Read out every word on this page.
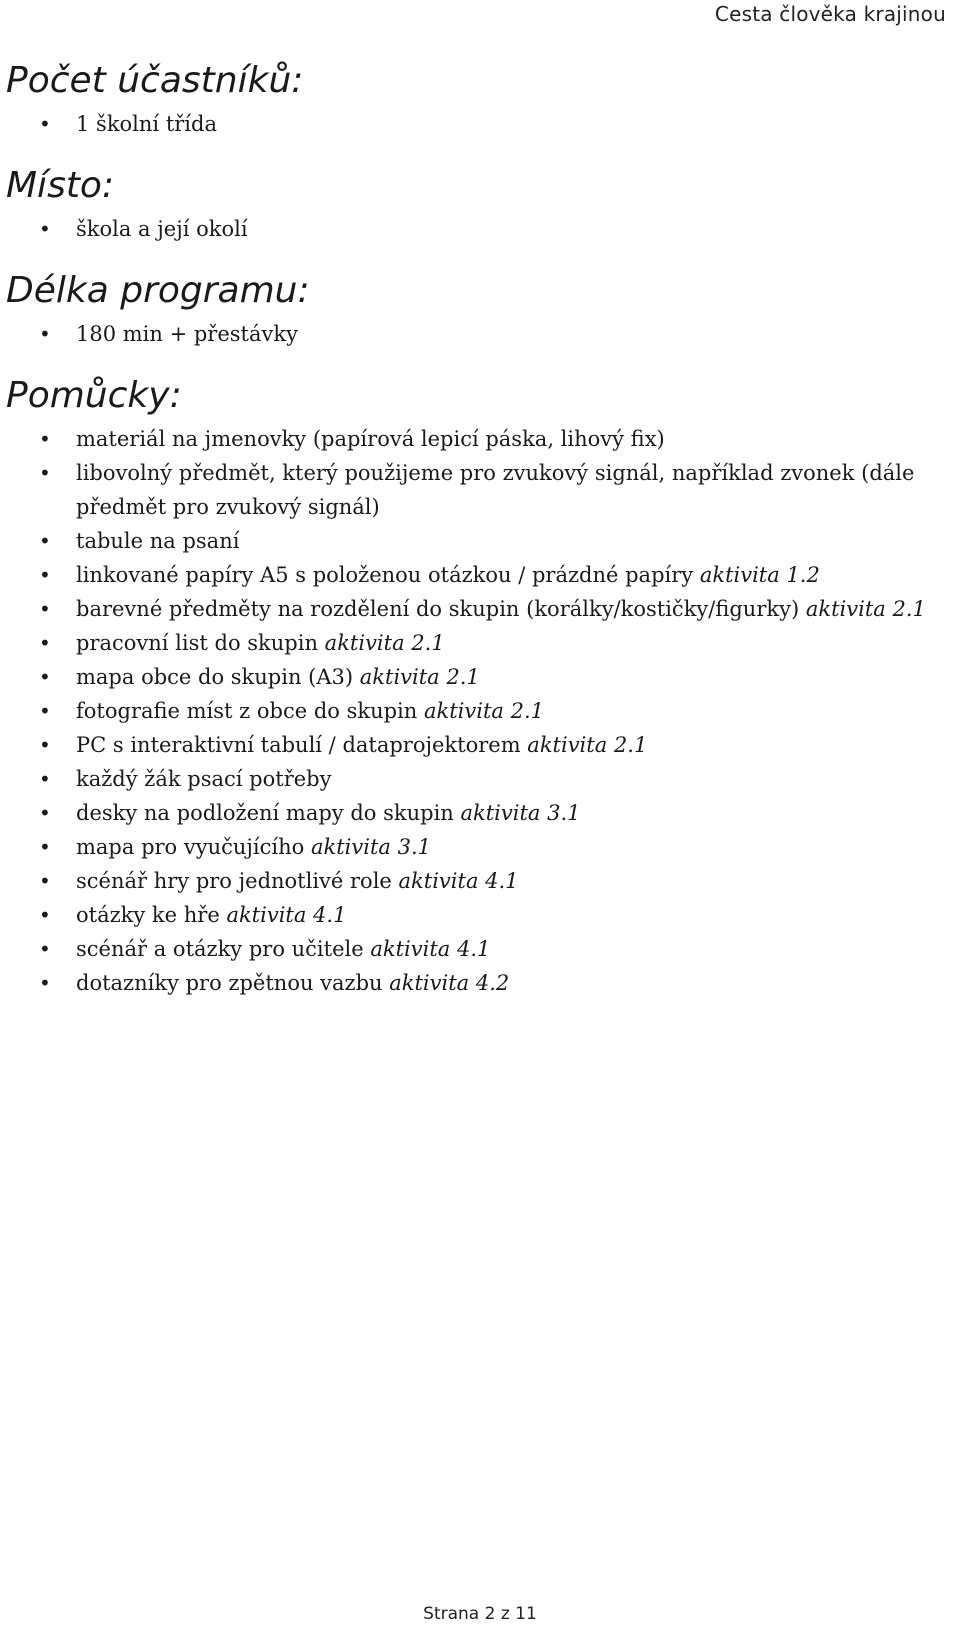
Cesta člověka krajinou
Počet účastníků:
• 1 školní třída
Místo:
• škola a její okolí
Délka programu:
• 180 min + přestávky
Pomůcky:
• materiál na jmenovky (papírová lepicí páska, lihový fix)
• libovolný předmět, který použijeme pro zvukový signál, například zvonek (dále předmět pro zvukový signál)
• tabule na psaní
• linkované papíry A5 s položenou otázkou / prázdné papíry aktivita 1.2
• barevné předměty na rozdělení do skupin (korálky/kostičky/figurky) aktivita 2.1
• pracovní list do skupin aktivita 2.1
• mapa obce do skupin (A3) aktivita 2.1
• fotografie míst z obce do skupin aktivita 2.1
• PC s interaktivní tabulí / dataprojektorem aktivita 2.1
• každý žák psací potřeby
• desky na podložení mapy do skupin aktivita 3.1
• mapa pro vyučujícího aktivita 3.1
• scénář hry pro jednotlivé role aktivita 4.1
• otázky ke hře aktivita 4.1
• scénář a otázky pro učitele aktivita 4.1
• dotazníky pro zpětnou vazbu aktivita 4.2
Strana 2 z 11
